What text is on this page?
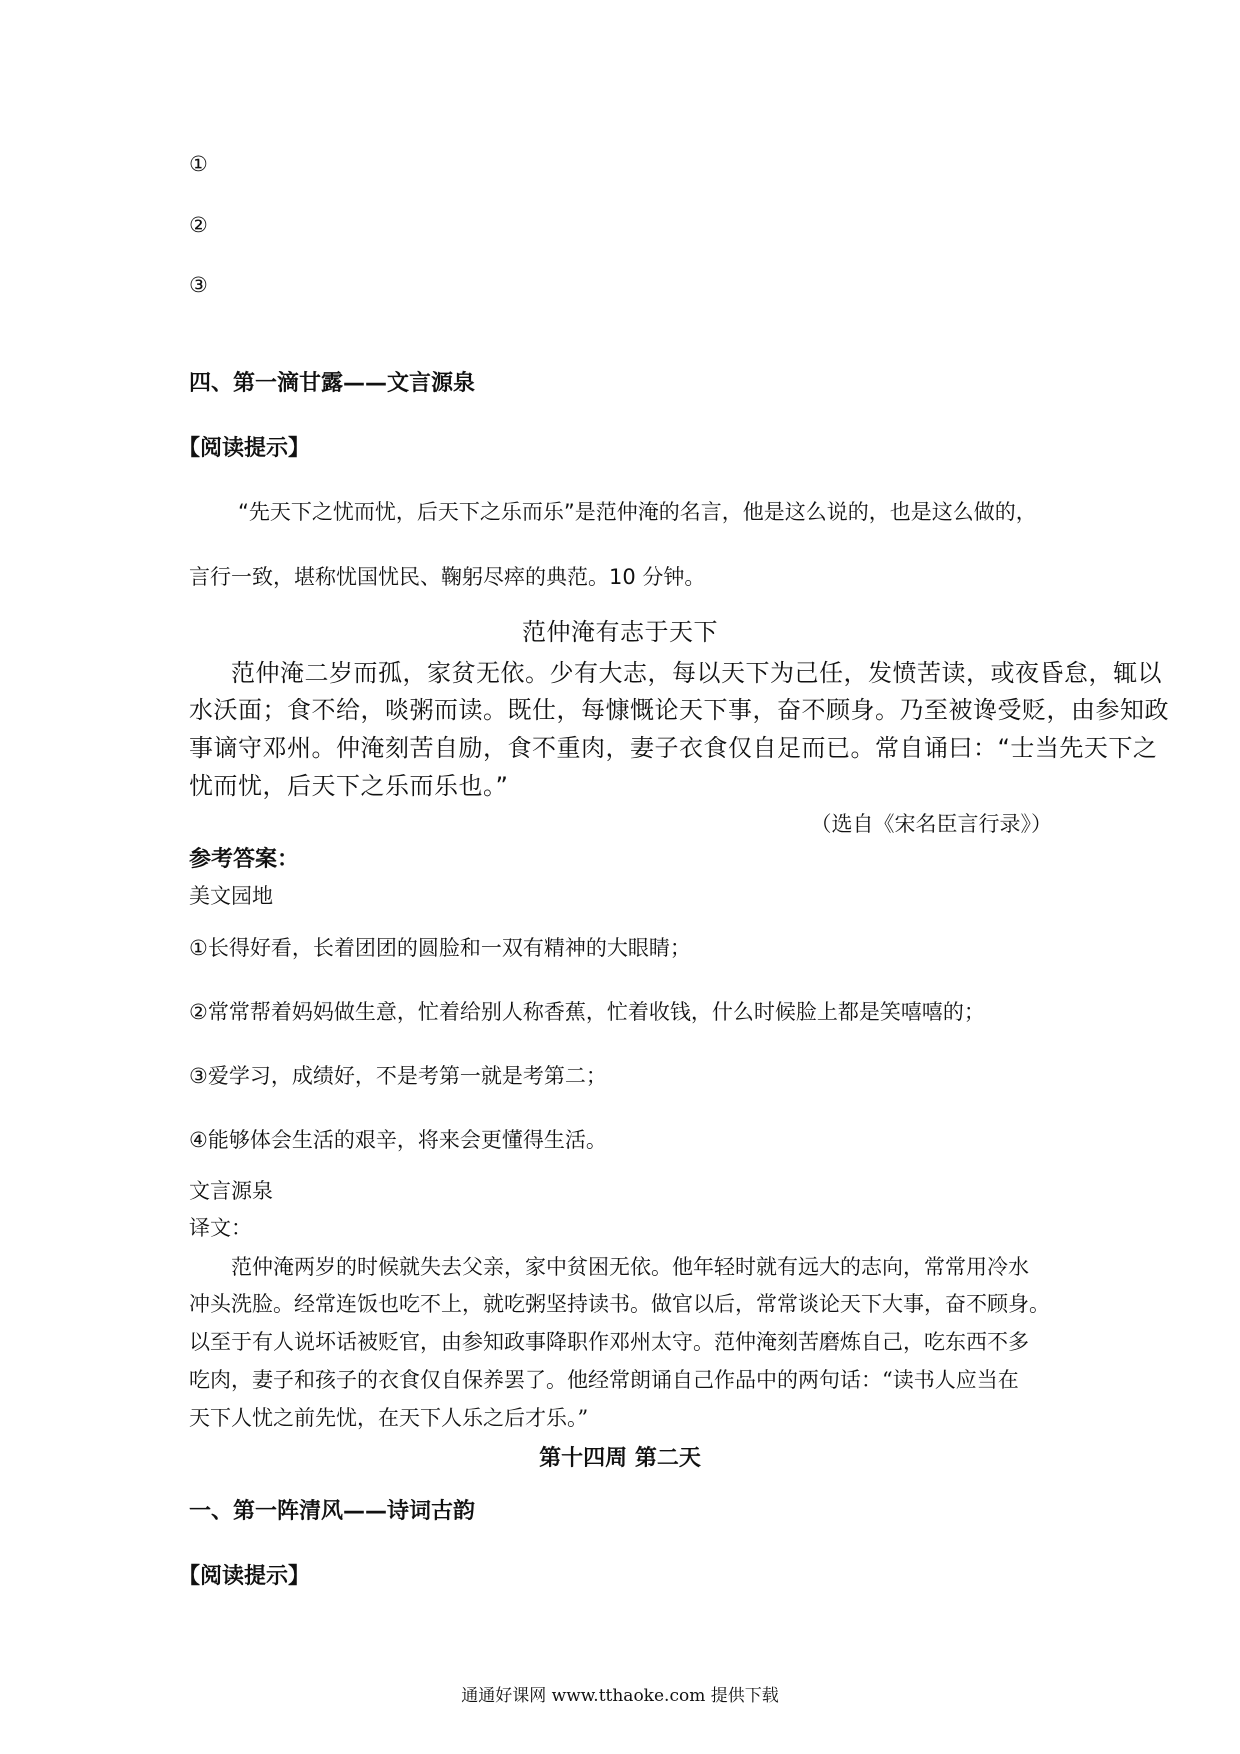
①
②
③
四、第一滴甘露——文言源泉
【阅读提示】
“先天下之忧而忧，后天下之乐而乐”是范仲淹的名言，他是这么说的，也是这么做的，
言行一致，堪称忧国忧民、鞠躬尽瘁的典范。10 分钟。
范仲淹有志于天下
范仲淹二岁而孤，家贫无依。少有大志，每以天下为己任，发愤苦读，或夜昏怠，辄以
水沃面；食不给，啖粥而读。既仕，每慷慨论天下事，奋不顾身。乃至被谗受贬，由参知政
事谪守邓州。仲淹刻苦自励，食不重肉，妻子衣食仅自足而已。常自诵曰：“士当先天下之
忧而忧，后天下之乐而乐也。”
（选自《宋名臣言行录》）
参考答案：
美文园地
①长得好看，长着团团的圆脸和一双有精神的大眼睛；
②常常帮着妈妈做生意，忙着给别人称香蕉，忙着收钱，什么时候脸上都是笑嘻嘻的；
③爱学习，成绩好，不是考第一就是考第二；
④能够体会生活的艰辛，将来会更懂得生活。
文言源泉
译文：
范仲淹两岁的时候就失去父亲，家中贫困无依。他年轻时就有远大的志向，常常用冷水
冲头洗脸。经常连饭也吃不上，就吃粥坚持读书。做官以后，常常谈论天下大事，奋不顾身。
以至于有人说坏话被贬官，由参知政事降职作邓州太守。范仲淹刻苦磨炼自己，吃东西不多
吃肉，妻子和孩子的衣食仅自保养罢了。他经常朗诵自己作品中的两句话：“读书人应当在
天下人忧之前先忧，在天下人乐之后才乐。”
第十四周 第二天
一、第一阵清风——诗词古韵
【阅读提示】
通通好课网 www.tthaoke.com 提供下载
